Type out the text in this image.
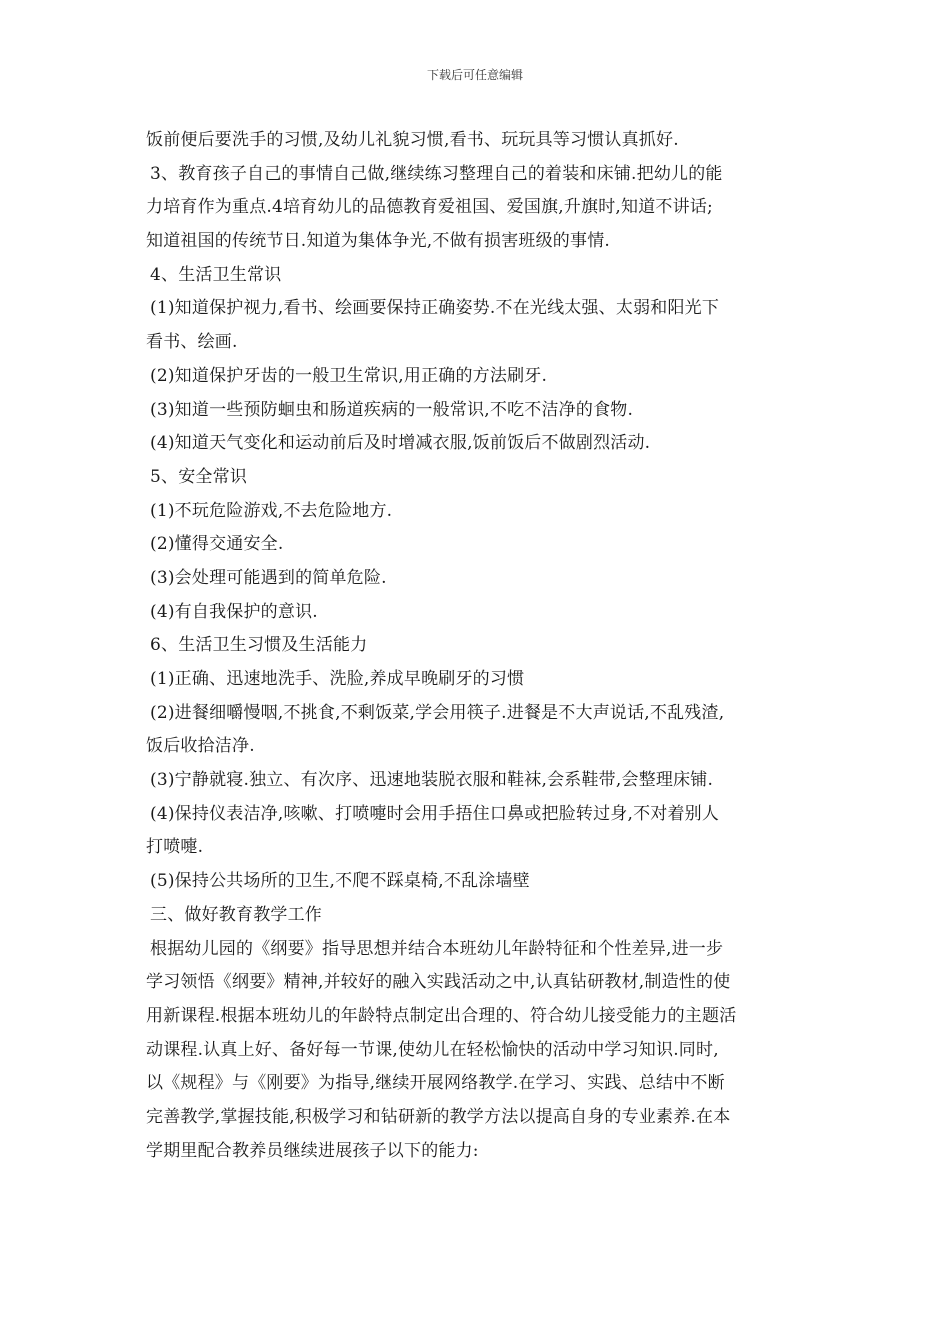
下载后可任意编辑
饭前便后要洗手的习惯,及幼儿礼貌习惯,看书、玩玩具等习惯认真抓好.
3、教育孩子自己的事情自己做,继续练习整理自己的着装和床铺.把幼儿的能
力培育作为重点.4培育幼儿的品德教育爱祖国、爱国旗,升旗时,知道不讲话;
知道祖国的传统节日.知道为集体争光,不做有损害班级的事情.
4、生活卫生常识
(1)知道保护视力,看书、绘画要保持正确姿势.不在光线太强、太弱和阳光下
看书、绘画.
(2)知道保护牙齿的一般卫生常识,用正确的方法刷牙.
(3)知道一些预防蛔虫和肠道疾病的一般常识,不吃不洁净的食物.
(4)知道天气变化和运动前后及时增减衣服,饭前饭后不做剧烈活动.
5、安全常识
(1)不玩危险游戏,不去危险地方.
(2)懂得交通安全.
(3)会处理可能遇到的简单危险.
(4)有自我保护的意识.
6、生活卫生习惯及生活能力
(1)正确、迅速地洗手、洗脸,养成早晚刷牙的习惯
(2)进餐细嚼慢咽,不挑食,不剩饭菜,学会用筷子.进餐是不大声说话,不乱残渣,
饭后收拾洁净.
(3)宁静就寝.独立、有次序、迅速地装脱衣服和鞋袜,会系鞋带,会整理床铺.
(4)保持仪表洁净,咳嗽、打喷嚏时会用手捂住口鼻或把脸转过身,不对着别人
打喷嚏.
(5)保持公共场所的卫生,不爬不踩桌椅,不乱涂墙壁
三、做好教育教学工作
根据幼儿园的《纲要》指导思想并结合本班幼儿年龄特征和个性差异,进一步
学习领悟《纲要》精神,并较好的融入实践活动之中,认真钻研教材,制造性的使
用新课程.根据本班幼儿的年龄特点制定出合理的、符合幼儿接受能力的主题活
动课程.认真上好、备好每一节课,使幼儿在轻松愉快的活动中学习知识.同时,
以《规程》与《刚要》为指导,继续开展网络教学.在学习、实践、总结中不断
完善教学,掌握技能,积极学习和钻研新的教学方法以提高自身的专业素养.在本
学期里配合教养员继续进展孩子以下的能力:
